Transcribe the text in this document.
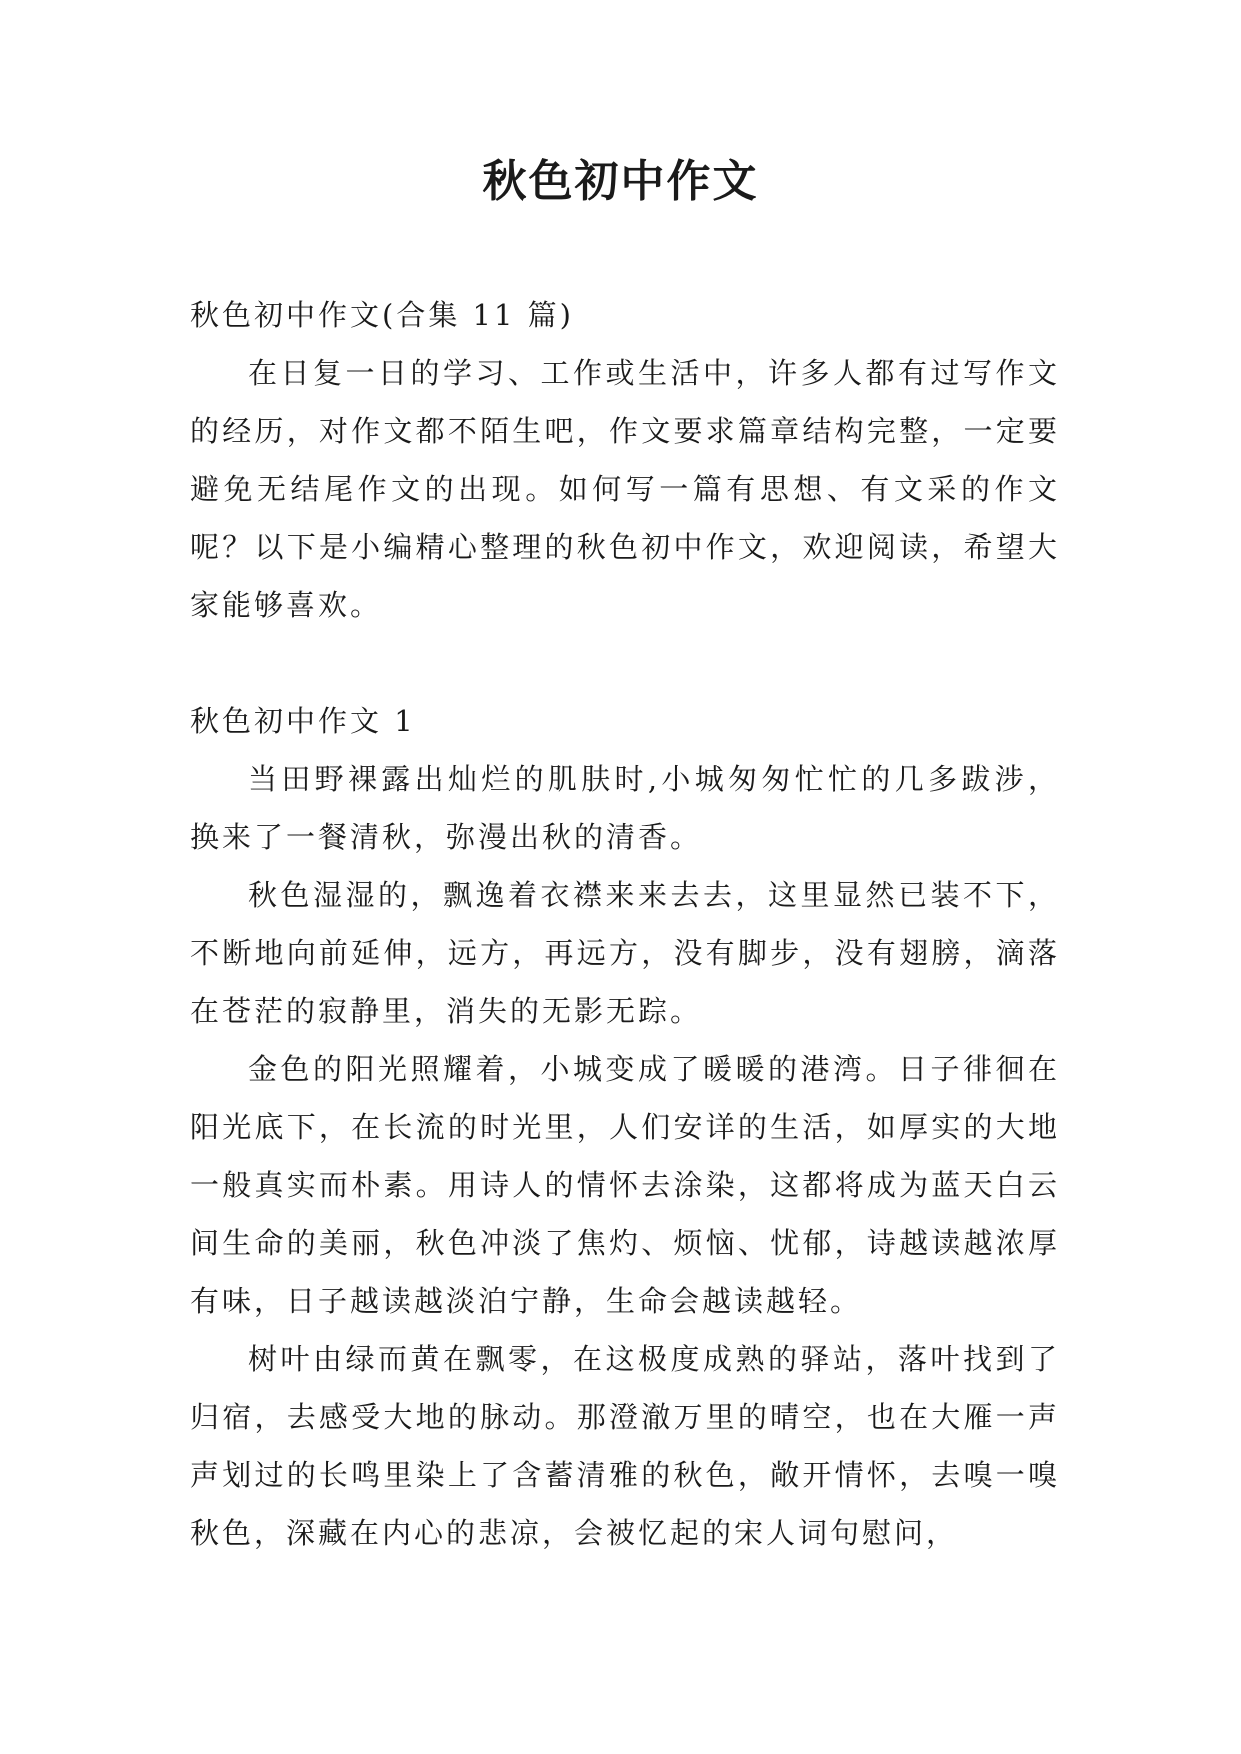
秋色初中作文

秋色初中作文(合集 11 篇)

在日复一日的学习、工作或生活中，许多人都有过写作文的经历，对作文都不陌生吧，作文要求篇章结构完整，一定要避免无结尾作文的出现。如何写一篇有思想、有文采的作文呢？以下是小编精心整理的秋色初中作文，欢迎阅读，希望大家能够喜欢。

秋色初中作文 1

当田野裸露出灿烂的肌肤时,小城匆匆忙忙的几多跋涉，换来了一餐清秋，弥漫出秋的清香。

秋色湿湿的，飘逸着衣襟来来去去，这里显然已装不下，不断地向前延伸，远方，再远方，没有脚步，没有翅膀，滴落在苍茫的寂静里，消失的无影无踪。

金色的阳光照耀着，小城变成了暖暖的港湾。日子徘徊在阳光底下，在长流的时光里，人们安详的生活，如厚实的大地一般真实而朴素。用诗人的情怀去涂染，这都将成为蓝天白云间生命的美丽，秋色冲淡了焦灼、烦恼、忧郁，诗越读越浓厚有味，日子越读越淡泊宁静，生命会越读越轻。

树叶由绿而黄在飘零，在这极度成熟的驿站，落叶找到了归宿，去感受大地的脉动。那澄澈万里的晴空，也在大雁一声声划过的长鸣里染上了含蓄清雅的秋色，敞开情怀，去嗅一嗅秋色，深藏在内心的悲凉，会被忆起的宋人词句慰问，
